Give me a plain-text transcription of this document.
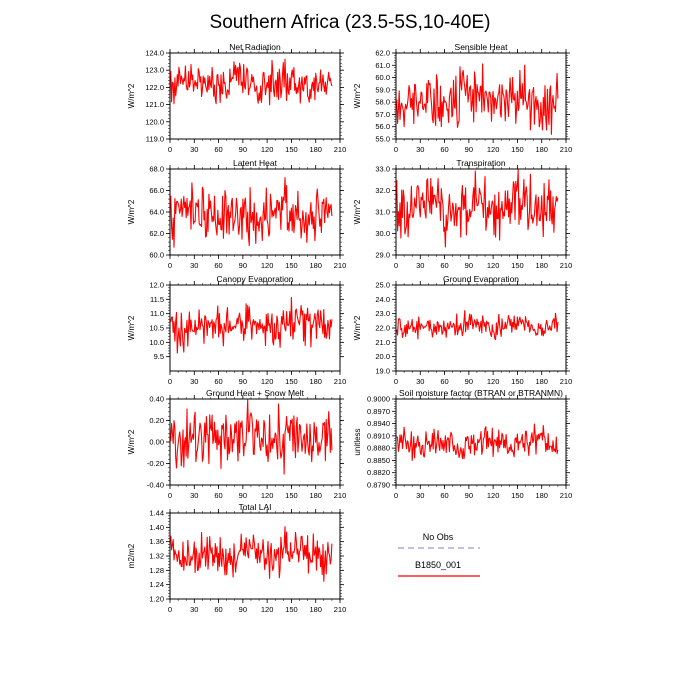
Southern Africa (23.5-5S,10-40E)
Net Radiation
119.0
120.0
121.0
122.0
123.0
124.0
0 30 60 90 120 150 180 210
W/m^2
Sensible Heat
55.0
56.0
57.0
58.0
59.0
60.0
61.0
62.0
0 30 60 90 120 150 180 210
W/m^2
Latent Heat
60.0
62.0
64.0
66.0
68.0
0 30 60 90 120 150 180 210
W/m^2
Transpiration
29.0
30.0
31.0
32.0
33.0
0 30 60 90 120 150 180 210
W/m^2
Canopy Evaporation
9.5
10.0
10.5
11.0
11.5
12.0
0 30 60 90 120 150 180 210
W/m^2
Ground Evaporation
19.0
20.0
21.0
22.0
23.0
24.0
25.0
0 30 60 90 120 150 180 210
W/m^2
Ground Heat + Snow Melt
-0.40
-0.20
0.00
0.20
0.40
0 30 60 90 120 150 180 210
W/m^2
Soil moisture factor (BTRAN or BTRANMN)
0.8790
0.8820
0.8850
0.8880
0.8910
0.8940
0.8970
0.9000
0 30 60 90 120 150 180 210
unitless
Total LAI
1.20
1.24
1.28
1.32
1.36
1.40
1.44
0 30 60 90 120 150 180 210
m2/m2
No Obs
B1850_001
